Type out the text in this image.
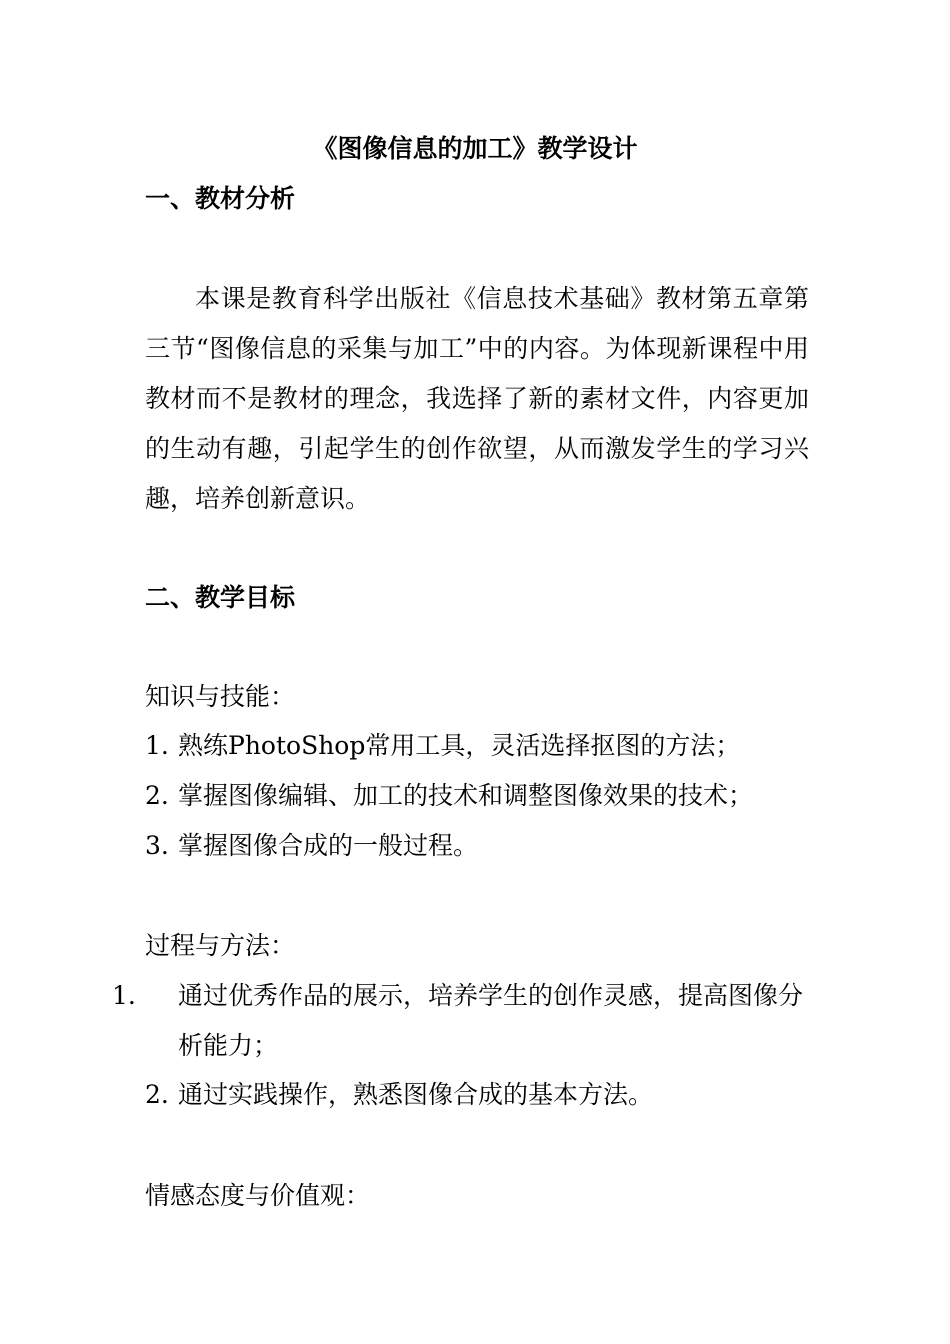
《图像信息的加工》教学设计
一、教材分析
本课是教育科学出版社《信息技术基础》教材第五章第三节“图像信息的采集与加工”中的内容。为体现新课程中用教材而不是教材的理念，我选择了新的素材文件，内容更加的生动有趣，引起学生的创作欲望，从而激发学生的学习兴趣，培养创新意识。
二、教学目标
知识与技能：
1. 熟练PhotoShop常用工具，灵活选择抠图的方法；
2. 掌握图像编辑、加工的技术和调整图像效果的技术；
3. 掌握图像合成的一般过程。
过程与方法：
1. 通过优秀作品的展示，培养学生的创作灵感，提高图像分析能力；
2. 通过实践操作，熟悉图像合成的基本方法。
情感态度与价值观：
